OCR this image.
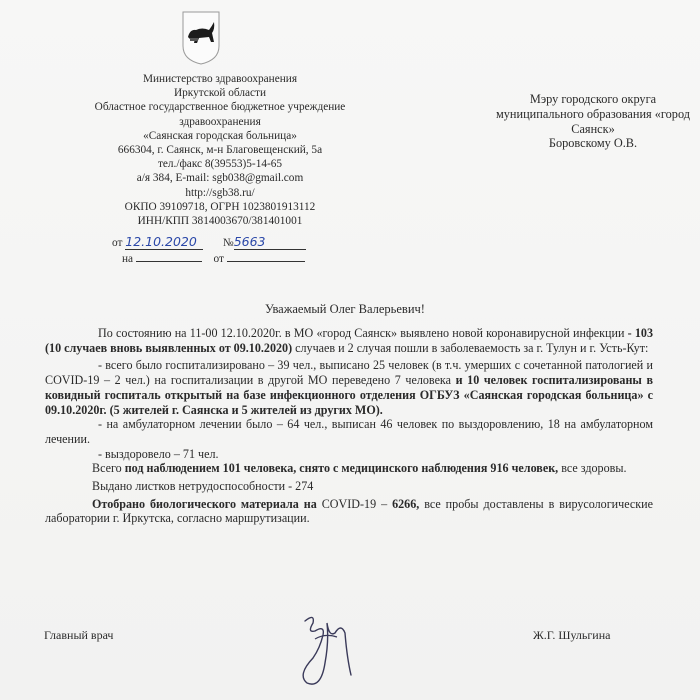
Министерство здравоохранения
Иркутской области
Областное государственное бюджетное учреждение
здравоохранения
«Саянская городская больница»
666304, г. Саянск, м-н Благовещенский, 5а
тел./факс 8(39553)5-14-65
а/я 384, E-mail: sgb038@gmail.com
http://sgb38.ru/
ОКПО 39109718, ОГРН 1023801913112
ИНН/КПП 3814003670/381401001
от 12.10.2020 №5663
на	от
Мэру городского округа
муниципального образования «город
Саянск»
Боровскому О.В.
Уважаемый Олег Валерьевич!

По состоянию на 11-00 12.10.2020г. в МО «город Саянск» выявлено новой коронавирусной инфекции - 103 (10 случаев вновь выявленных от 09.10.2020) случаев и 2 случая пошли в заболеваемость за г. Тулун и г. Усть-Кут:

- всего было госпитализировано – 39 чел., выписано 25 человек (в т.ч. умерших с сочетанной патологией и COVID-19 – 2 чел.) на госпитализации в другой МО переведено 7 человека и 10 человек госпитализированы в ковидный госпиталь открытый на базе инфекционного отделения ОГБУЗ «Саянская городская больница» с 09.10.2020г. (5 жителей г. Саянска и 5 жителей из других МО).

- на амбулаторном лечении было – 64 чел., выписан 46 человек по выздоровлению, 18 на амбулаторном лечении.

- выздоровело – 71 чел.

Всего под наблюдением 101 человека, снято с медицинского наблюдения 916 человек, все здоровы.

Выдано листков нетрудоспособности - 274

Отобрано биологического материала на COVID-19 – 6266, все пробы доставлены в вирусологические лаборатории г. Иркутска, согласно маршрутизации.

Главный врач	Ж.Г. Шульгина
